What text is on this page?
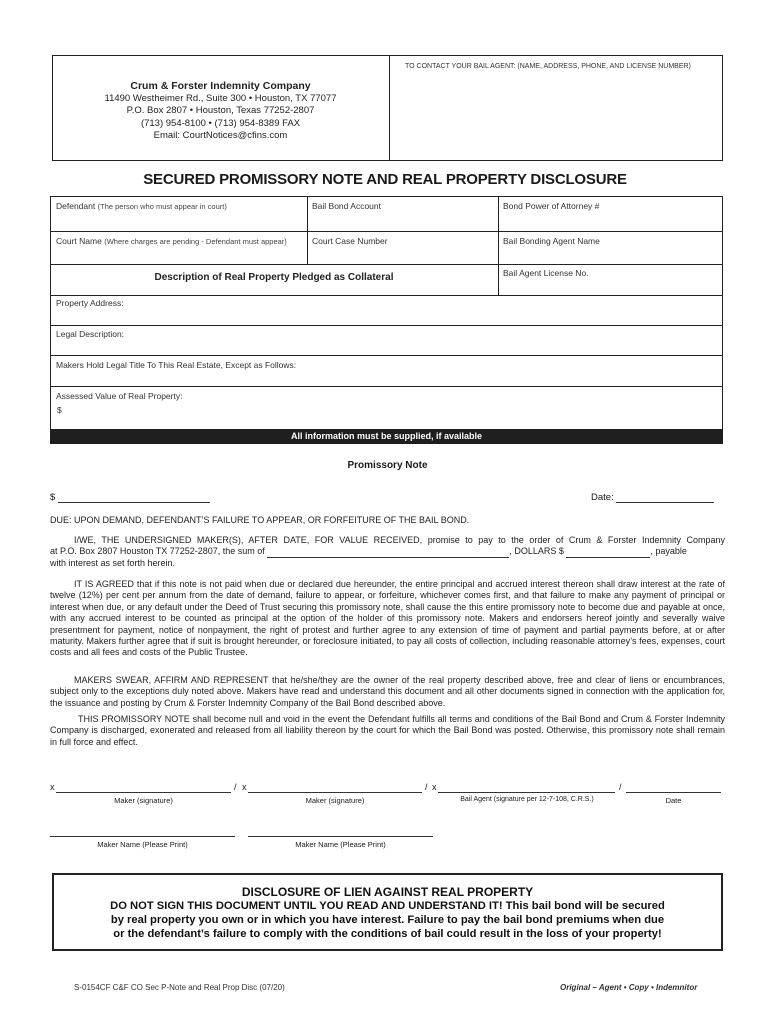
TO CONTACT YOUR BAIL AGENT: (NAME, ADDRESS, PHONE, AND LICENSE NUMBER)
Crum & Forster Indemnity Company
11490 Westheimer Rd., Suite 300 • Houston, TX 77077
P.O. Box 2807 • Houston, Texas 77252-2807
(713) 954-8100 • (713) 954-8389 FAX
Email: CourtNotices@cfins.com
SECURED PROMISSORY NOTE AND REAL PROPERTY DISCLOSURE
Defendant (The person who must appear in court)	Bail Bond Account	Bond Power of Attorney #
Court Name (Where charges are pending - Defendant must appear)	Court Case Number	Bail Bonding Agent Name
Description of Real Property Pledged as Collateral	Bail Agent License No.
Property Address:
Legal Description:
Makers Hold Legal Title To This Real Estate, Except as Follows:
Assessed Value of Real Property:
$
All information must be supplied, if available
Promissory Note
$	Date:
DUE: UPON DEMAND, DEFENDANT’S FAILURE TO APPEAR, OR FORFEITURE OF THE BAIL BOND.
I/WE, THE UNDERSIGNED MAKER(S), AFTER DATE, FOR VALUE RECEIVED, promise to pay to the order of Crum & Forster Indemnity Company
at P.O. Box 2807 Houston TX 77252-2807, the sum of	, DOLLARS $	, payable
with interest as set forth herein.
IT IS AGREED that if this note is not paid when due or declared due hereunder, the entire principal and accrued interest thereon shall draw interest at the rate of twelve (12%) per cent per annum from the date of demand, failure to appear, or forfeiture, whichever comes first, and that failure to make any payment of principal or interest when due, or any default under the Deed of Trust securing this promissory note, shall cause the this entire promissory note to become due and payable at once, with any accrued interest to be counted as principal at the option of the holder of this promissory note. Makers and endorsers hereof jointly and severally waive presentment for payment, notice of nonpayment, the right of protest and further agree to any extension of time of payment and partial payments before, at or after maturity. Makers further agree that if suit is brought hereunder, or foreclosure initiated, to pay all costs of collection, including reasonable attorney’s fees, expenses, court costs and all fees and costs of the Public Trustee.
MAKERS SWEAR, AFFIRM AND REPRESENT that he/she/they are the owner of the real property described above, free and clear of liens or encumbrances, subject only to the exceptions duly noted above. Makers have read and understand this document and all other documents signed in connection with the application for, the issuance and posting by Crum & Forster Indemnity Company of the Bail Bond described above.
THIS PROMISSORY NOTE shall become null and void in the event the Defendant fulfills all terms and conditions of the Bail Bond and Crum & Forster Indemnity Company is discharged, exonerated and released from all liability thereon by the court for which the Bail Bond was posted. Otherwise, this promissory note shall remain in full force and effect.
x	/ x	/ x	/
Maker (signature)	Maker (signature)	Bail Agent (signature per 12-7-108, C.R.S.)	Date
Maker Name (Please Print)	Maker Name (Please Print)
DISCLOSURE OF LIEN AGAINST REAL PROPERTY
DO NOT SIGN THIS DOCUMENT UNTIL YOU READ AND UNDERSTAND IT! This bail bond will be secured
by real property you own or in which you have interest. Failure to pay the bail bond premiums when due
or the defendant’s failure to comply with the conditions of bail could result in the loss of your property!
S-0154CF C&F CO Sec P-Note and Real Prop Disc (07/20)	Original – Agent • Copy • Indemnitor
